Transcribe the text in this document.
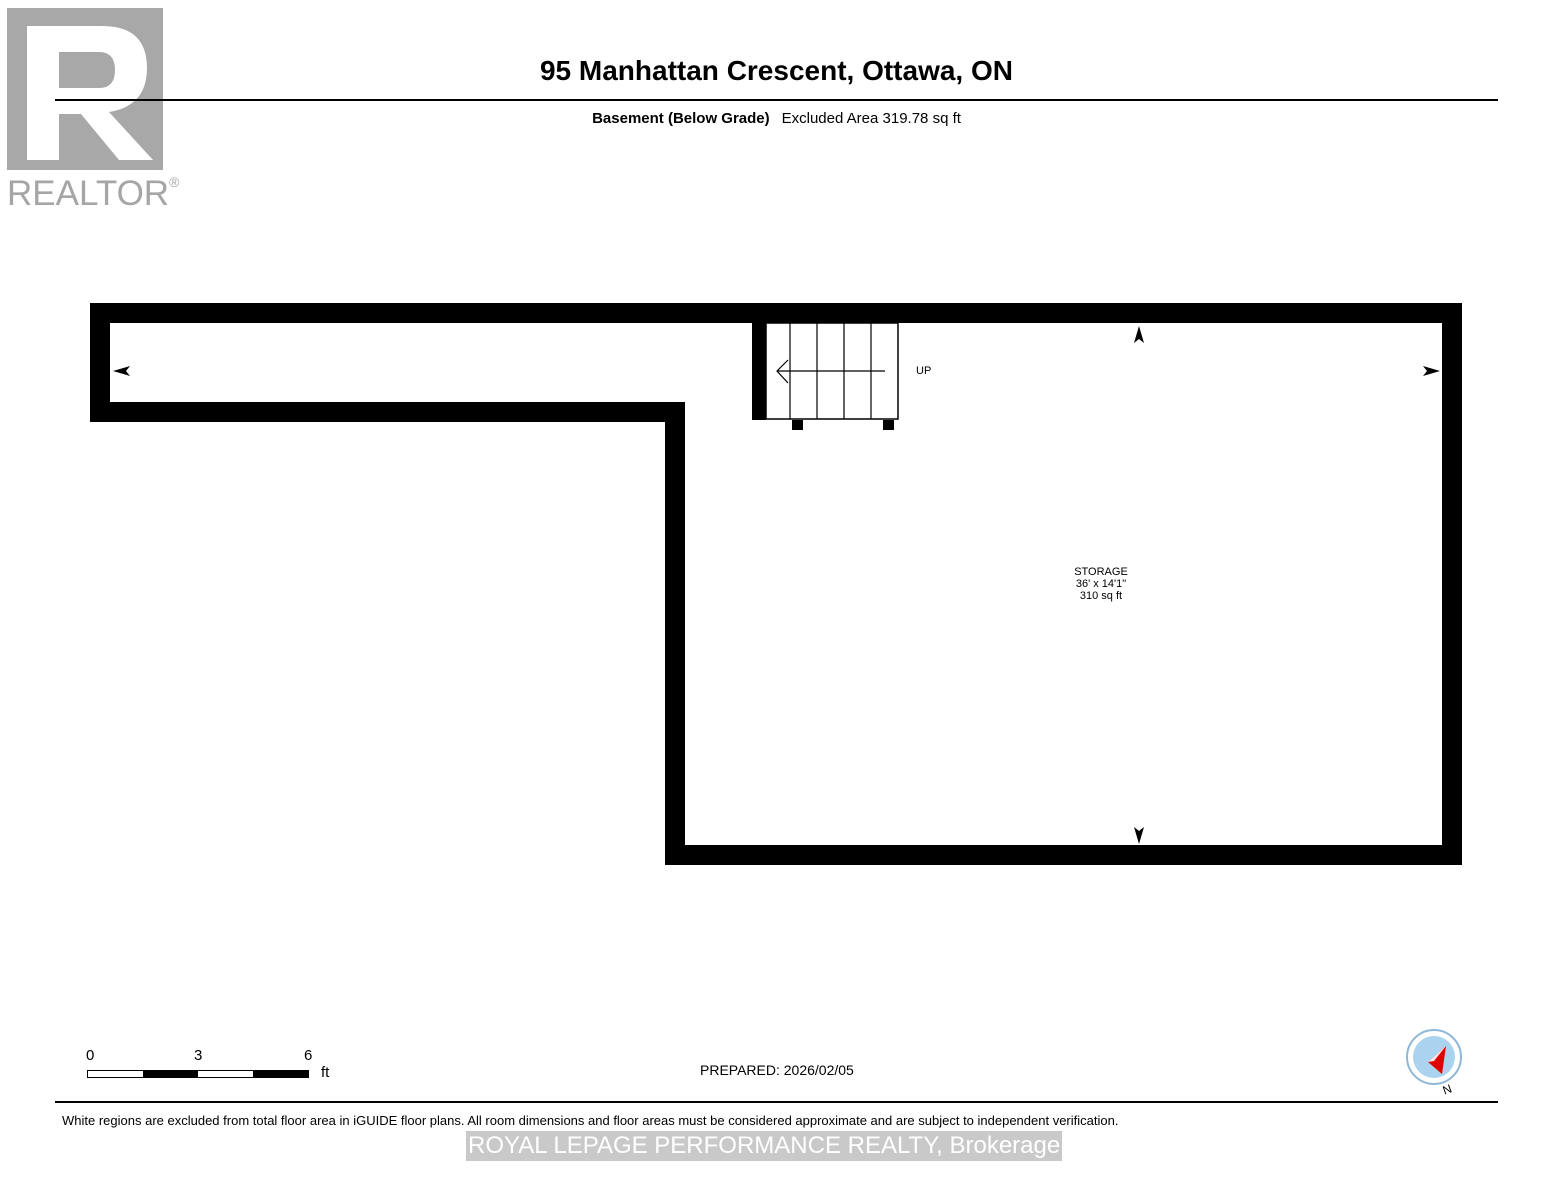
REALTOR®
95 Manhattan Crescent, Ottawa, ON
Basement (Below Grade) Excluded Area 319.78 sq ft
UP
STORAGE
36' x 14'1"
310 sq ft
0	3	6
ft	PREPARED: 2026/02/05
N
White regions are excluded from total floor area in iGUIDE floor plans. All room dimensions and floor areas must be considered approximate and are subject to independent verification.
ROYAL LEPAGE PERFORMANCE REALTY, Brokerage
